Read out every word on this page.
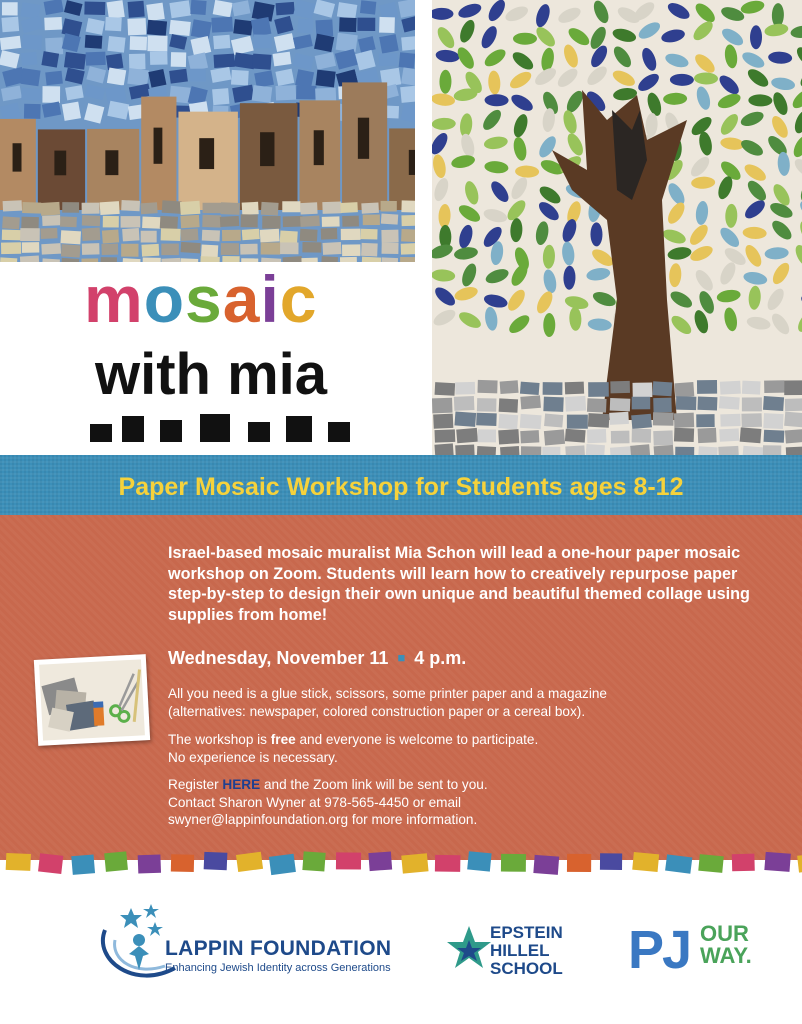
mosaic
with mia
Paper Mosaic Workshop for Students ages 8-12
Israel-based mosaic muralist Mia Schon will lead a one-hour paper mosaic workshop on Zoom. Students will learn how to creatively repurpose paper step-by-step to design their own unique and beautiful themed collage using supplies from home!
Wednesday, November 11 ■ 4 p.m.
All you need is a glue stick, scissors, some printer paper and a magazine
(alternatives: newspaper, colored construction paper or a cereal box).
The workshop is free and everyone is welcome to participate.
No experience is necessary.
Register HERE and the Zoom link will be sent to you.
Contact Sharon Wyner at 978-565-4450 or email
swyner@lappinfoundation.org for more information.
LAPPIN FOUNDATION
Enhancing Jewish Identity across Generations
EPSTEIN
HILLEL
SCHOOL PJ OUR
WAY.
